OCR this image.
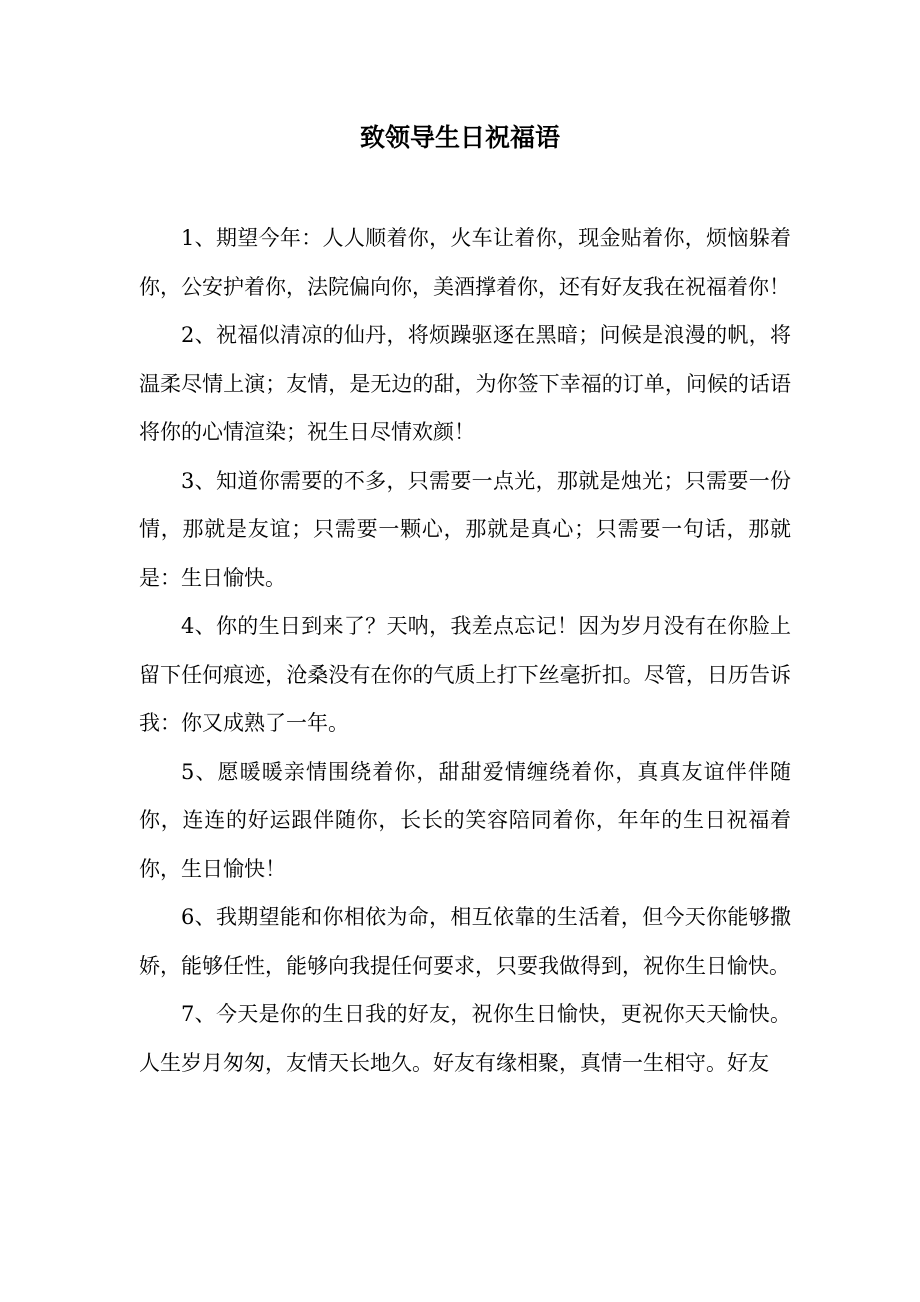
致领导生日祝福语

1、期望今年：人人顺着你，火车让着你，现金贴着你，烦恼躲着你，公安护着你，法院偏向你，美酒撑着你，还有好友我在祝福着你！

2、祝福似清凉的仙丹，将烦躁驱逐在黑暗；问候是浪漫的帆，将温柔尽情上演；友情，是无边的甜，为你签下幸福的订单，问候的话语将你的心情渲染；祝生日尽情欢颜！

3、知道你需要的不多，只需要一点光，那就是烛光；只需要一份情，那就是友谊；只需要一颗心，那就是真心；只需要一句话，那就是：生日愉快。

4、你的生日到来了？天呐，我差点忘记！因为岁月没有在你脸上留下任何痕迹，沧桑没有在你的气质上打下丝毫折扣。尽管，日历告诉我：你又成熟了一年。

5、愿暖暖亲情围绕着你，甜甜爱情缠绕着你，真真友谊伴伴随你，连连的好运跟伴随你，长长的笑容陪同着你，年年的生日祝福着你，生日愉快！

6、我期望能和你相依为命，相互依靠的生活着，但今天你能够撒娇，能够任性，能够向我提任何要求，只要我做得到，祝你生日愉快。

7、今天是你的生日我的好友，祝你生日愉快，更祝你天天愉快。人生岁月匆匆，友情天长地久。好友有缘相聚，真情一生相守。好友
